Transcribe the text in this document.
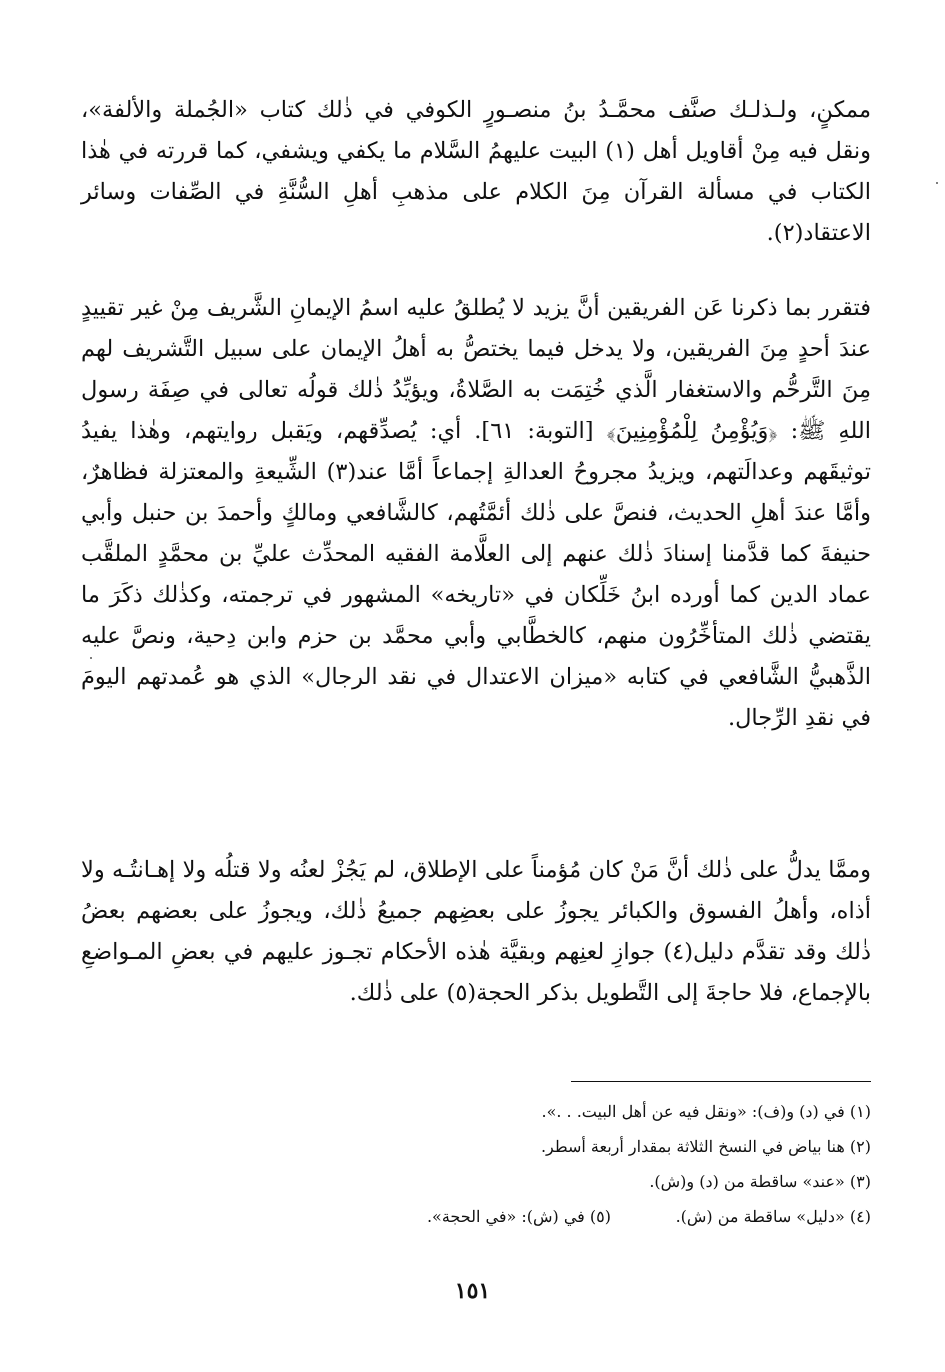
ممكنٍ، ولـذلـك صنَّف محمَّـدُ بنُ منصـورٍ الكوفي في ذٰلك كتاب «الجُملة والألفة»، ونقل فيه مِنْ أقاويل أهل (١) البيت عليهمُ السَّلام ما يكفي ويشفي، كما قررته في هٰذا الكتاب في مسألة القرآن مِنَ الكلام على مذهبِ أهلِ السُّنَّةِ في الصِّفات وسائر الاعتقاد(٢).

فتقرر بما ذكرنا عَن الفريقين أنَّ يزيد لا يُطلقُ عليه اسمُ الإيمانِ الشَّريف مِنْ غير تقييدٍ عندَ أحدٍ مِنَ الفريقين، ولا يدخل فيما يختصُّ به أهلُ الإيمان على سبيل التَّشريف لهم مِنَ التَّرحُّم والاستغفار الَّذي خُتِمَت به الصَّلاةُ، ويؤيِّدُ ذٰلك قولُه تعالى في صِفَة رسول اللهِ ﷺ: ﴿وَيُؤْمِنُ لِلْمُؤْمِنِينَ﴾ [التوبة: ٦١]. أي: يُصدِّقهم، ويَقبل روايتهم، وهٰذا يفيدُ توثيقَهم وعدالَتهم، ويزيدُ مجروحُ العدالةِ إجماعاً أمَّا عند(٣) الشِّيعةِ والمعتزلة فظاهرٌ، وأمَّا عندَ أهلِ الحديث، فنصَّ على ذٰلك أئمَّتُهم، كالشَّافعي ومالكٍ وأحمدَ بن حنبل وأبي حنيفةَ كما قدَّمنا إسنادَ ذٰلك عنهم إلى العلَّامة الفقيه المحدِّث عليِّ بن محمَّدٍ الملقَّب عماد الدين كما أورده ابنُ خَلِّكان في «تاريخه» المشهور في ترجمته، وكذٰلك ذكَرَ ما يقتضي ذٰلك المتأخِّرُون منهم، كالخطَّابي وأبي محمَّد بن حزم وابن دِحية، ونصَّ عليه الذَّهبيُّ الشَّافعي في كتابه «ميزان الاعتدال في نقد الرجال» الذي هو عُمدتهم اليومَ في نقدِ الرِّجال.

وممَّا يدلُّ على ذٰلك أنَّ مَنْ كان مُؤمناً على الإطلاق، لم يَجُزْ لعنُه ولا قتلُه ولا إهـانتُـه ولا أذاه، وأهلُ الفسوق والكبائر يجوزُ على بعضِهم جميعُ ذٰلك، ويجوزُ على بعضهم بعضُ ذٰلك وقد تقدَّم دليل(٤) جوازِ لعنِهم وبقيَّة هٰذه الأحكام تجـوز عليهم في بعضِ المـواضعِ بالإجماع، فلا حاجةَ إلى التَّطويل بذكر الحجة(٥) على ذٰلك.

(١) في (د) و(ف): «ونقل فيه عن أهل البيت. . .».
(٢) هنا بياض في النسخ الثلاثة بمقدار أربعة أسطر.
(٣) «عند» ساقطة من (د) و(ش).
(٤) «دليل» ساقطة من (ش).
(٥) في (ش): «في الحجة».
١٥١
